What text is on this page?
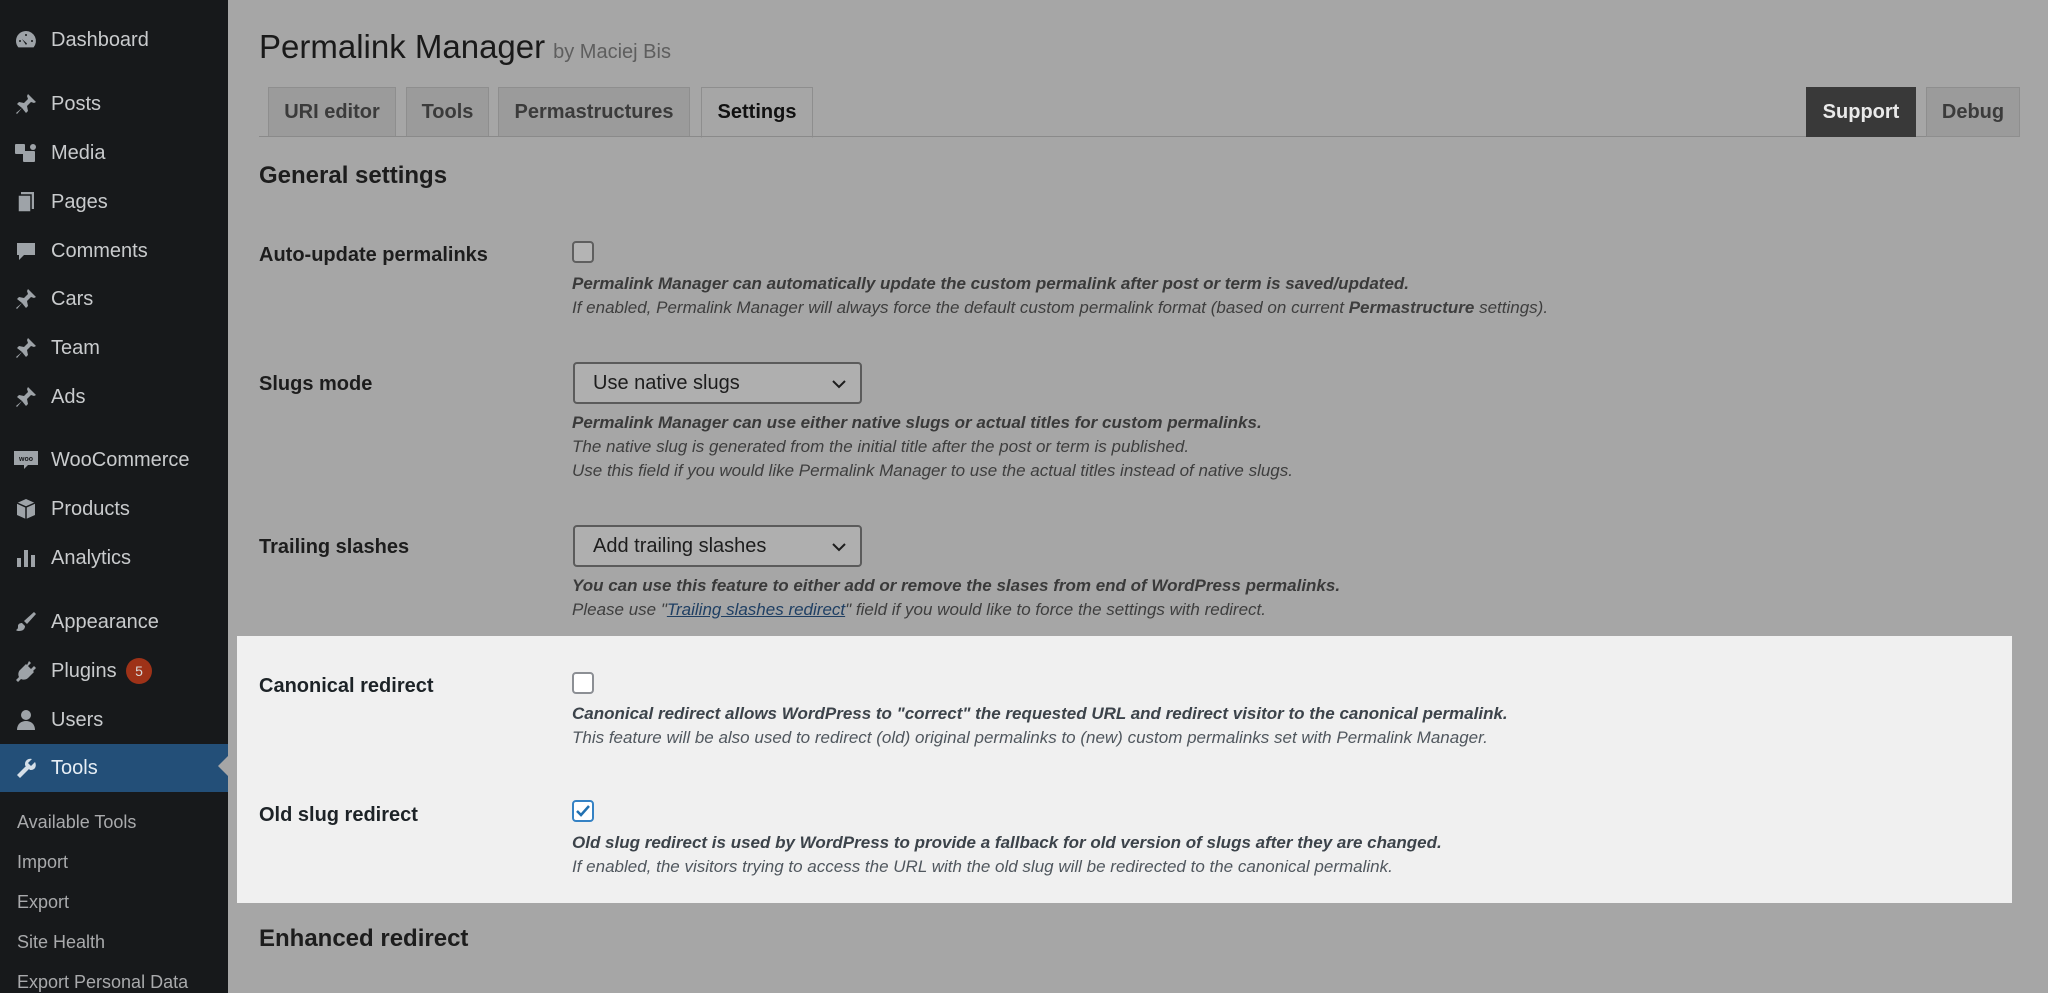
Dashboard
Posts
Media
Pages
Comments
Cars
Team
Ads
woo WooCommerce
Products
Analytics
Appearance
Plugins	5
Users
Tools
Available Tools
Import
Export
Site Health
Export Personal Data
Permalink Manager by Maciej Bis
URI editor	Tools	Permastructures	Settings	Support	Debug
General settings
Auto-update permalinks
Permalink Manager can automatically update the custom permalink after post or term is saved/updated.
If enabled, Permalink Manager will always force the default custom permalink format (based on current Permastructure settings).
Slugs mode	Use native slugs
Permalink Manager can use either native slugs or actual titles for custom permalinks.
The native slug is generated from the initial title after the post or term is published.
Use this field if you would like Permalink Manager to use the actual titles instead of native slugs.
Trailing slashes	Add trailing slashes
You can use this feature to either add or remove the slases from end of WordPress permalinks.
Please use "Trailing slashes redirect" field if you would like to force the settings with redirect.
Canonical redirect
Canonical redirect allows WordPress to "correct" the requested URL and redirect visitor to the canonical permalink.
This feature will be also used to redirect (old) original permalinks to (new) custom permalinks set with Permalink Manager.
Old slug redirect
Old slug redirect is used by WordPress to provide a fallback for old version of slugs after they are changed.
If enabled, the visitors trying to access the URL with the old slug will be redirected to the canonical permalink.
Enhanced redirect
